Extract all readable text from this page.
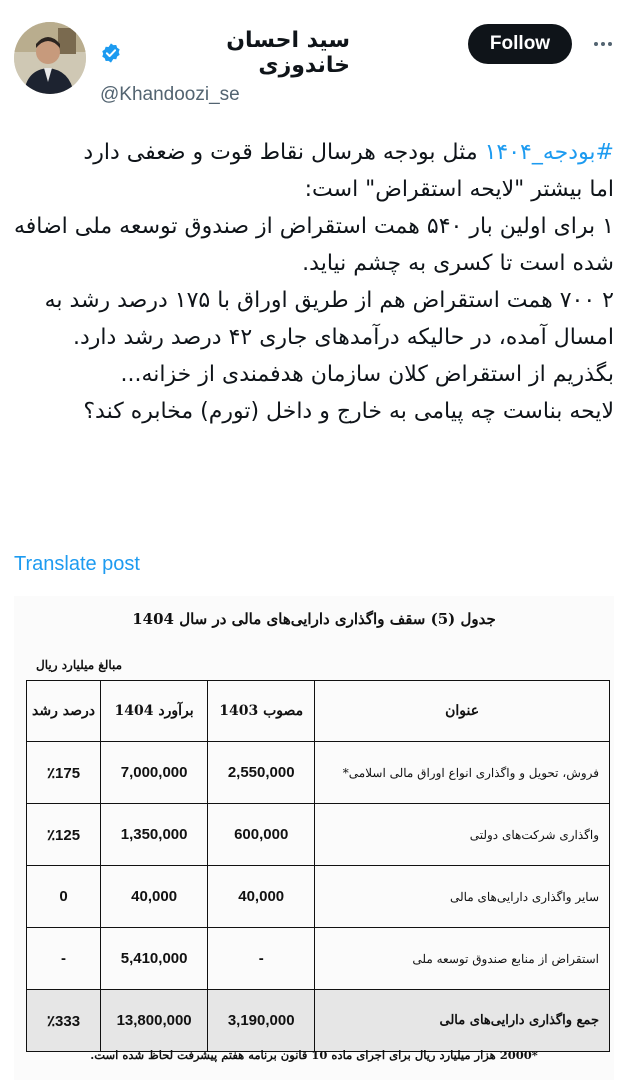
سید احسان خاندوزی
@Khandoozi_se
Follow

#بودجه_۱۴۰۴ مثل بودجه هرسال نقاط قوت و ضعفی دارد

اما بیشتر "لایحه استقراض" است:

۱ برای اولین بار ۵۴۰ همت استقراض از صندوق توسعه ملی اضافه شده است تا کسری به چشم نیاید.

۲ ۷۰۰ همت استقراض هم از طریق اوراق با ۱۷۵ درصد رشد به امسال آمده، در حالیکه درآمدهای جاری ۴۲ درصد رشد دارد.

بگذریم از استقراض کلان سازمان هدفمندی از خزانه...

لایحه بناست چه پیامی به خارج و داخل (تورم) مخابره کند؟

Translate post
جدول (5) سقف واگذاری دارایی‌های مالی در سال 1404
مبالغ میلیارد ریال
عنوان	مصوب 1403	برآورد 1404	درصد رشد
فروش، تحویل و واگذاری انواع اوراق مالی اسلامی*	2,550,000	7,000,000	٪175
واگذاری شرکت‌های دولتی	600,000	1,350,000	٪125
سایر واگذاری دارایی‌های مالی	40,000	40,000	0
استقراض از منابع صندوق توسعه ملی	-	5,410,000	-
جمع واگذاری دارایی‌های مالی	3,190,000	13,800,000	٪333
*2000 هزار میلیارد ریال برای اجرای ماده 10 قانون برنامه هفتم پیشرفت لحاظ شده است.
